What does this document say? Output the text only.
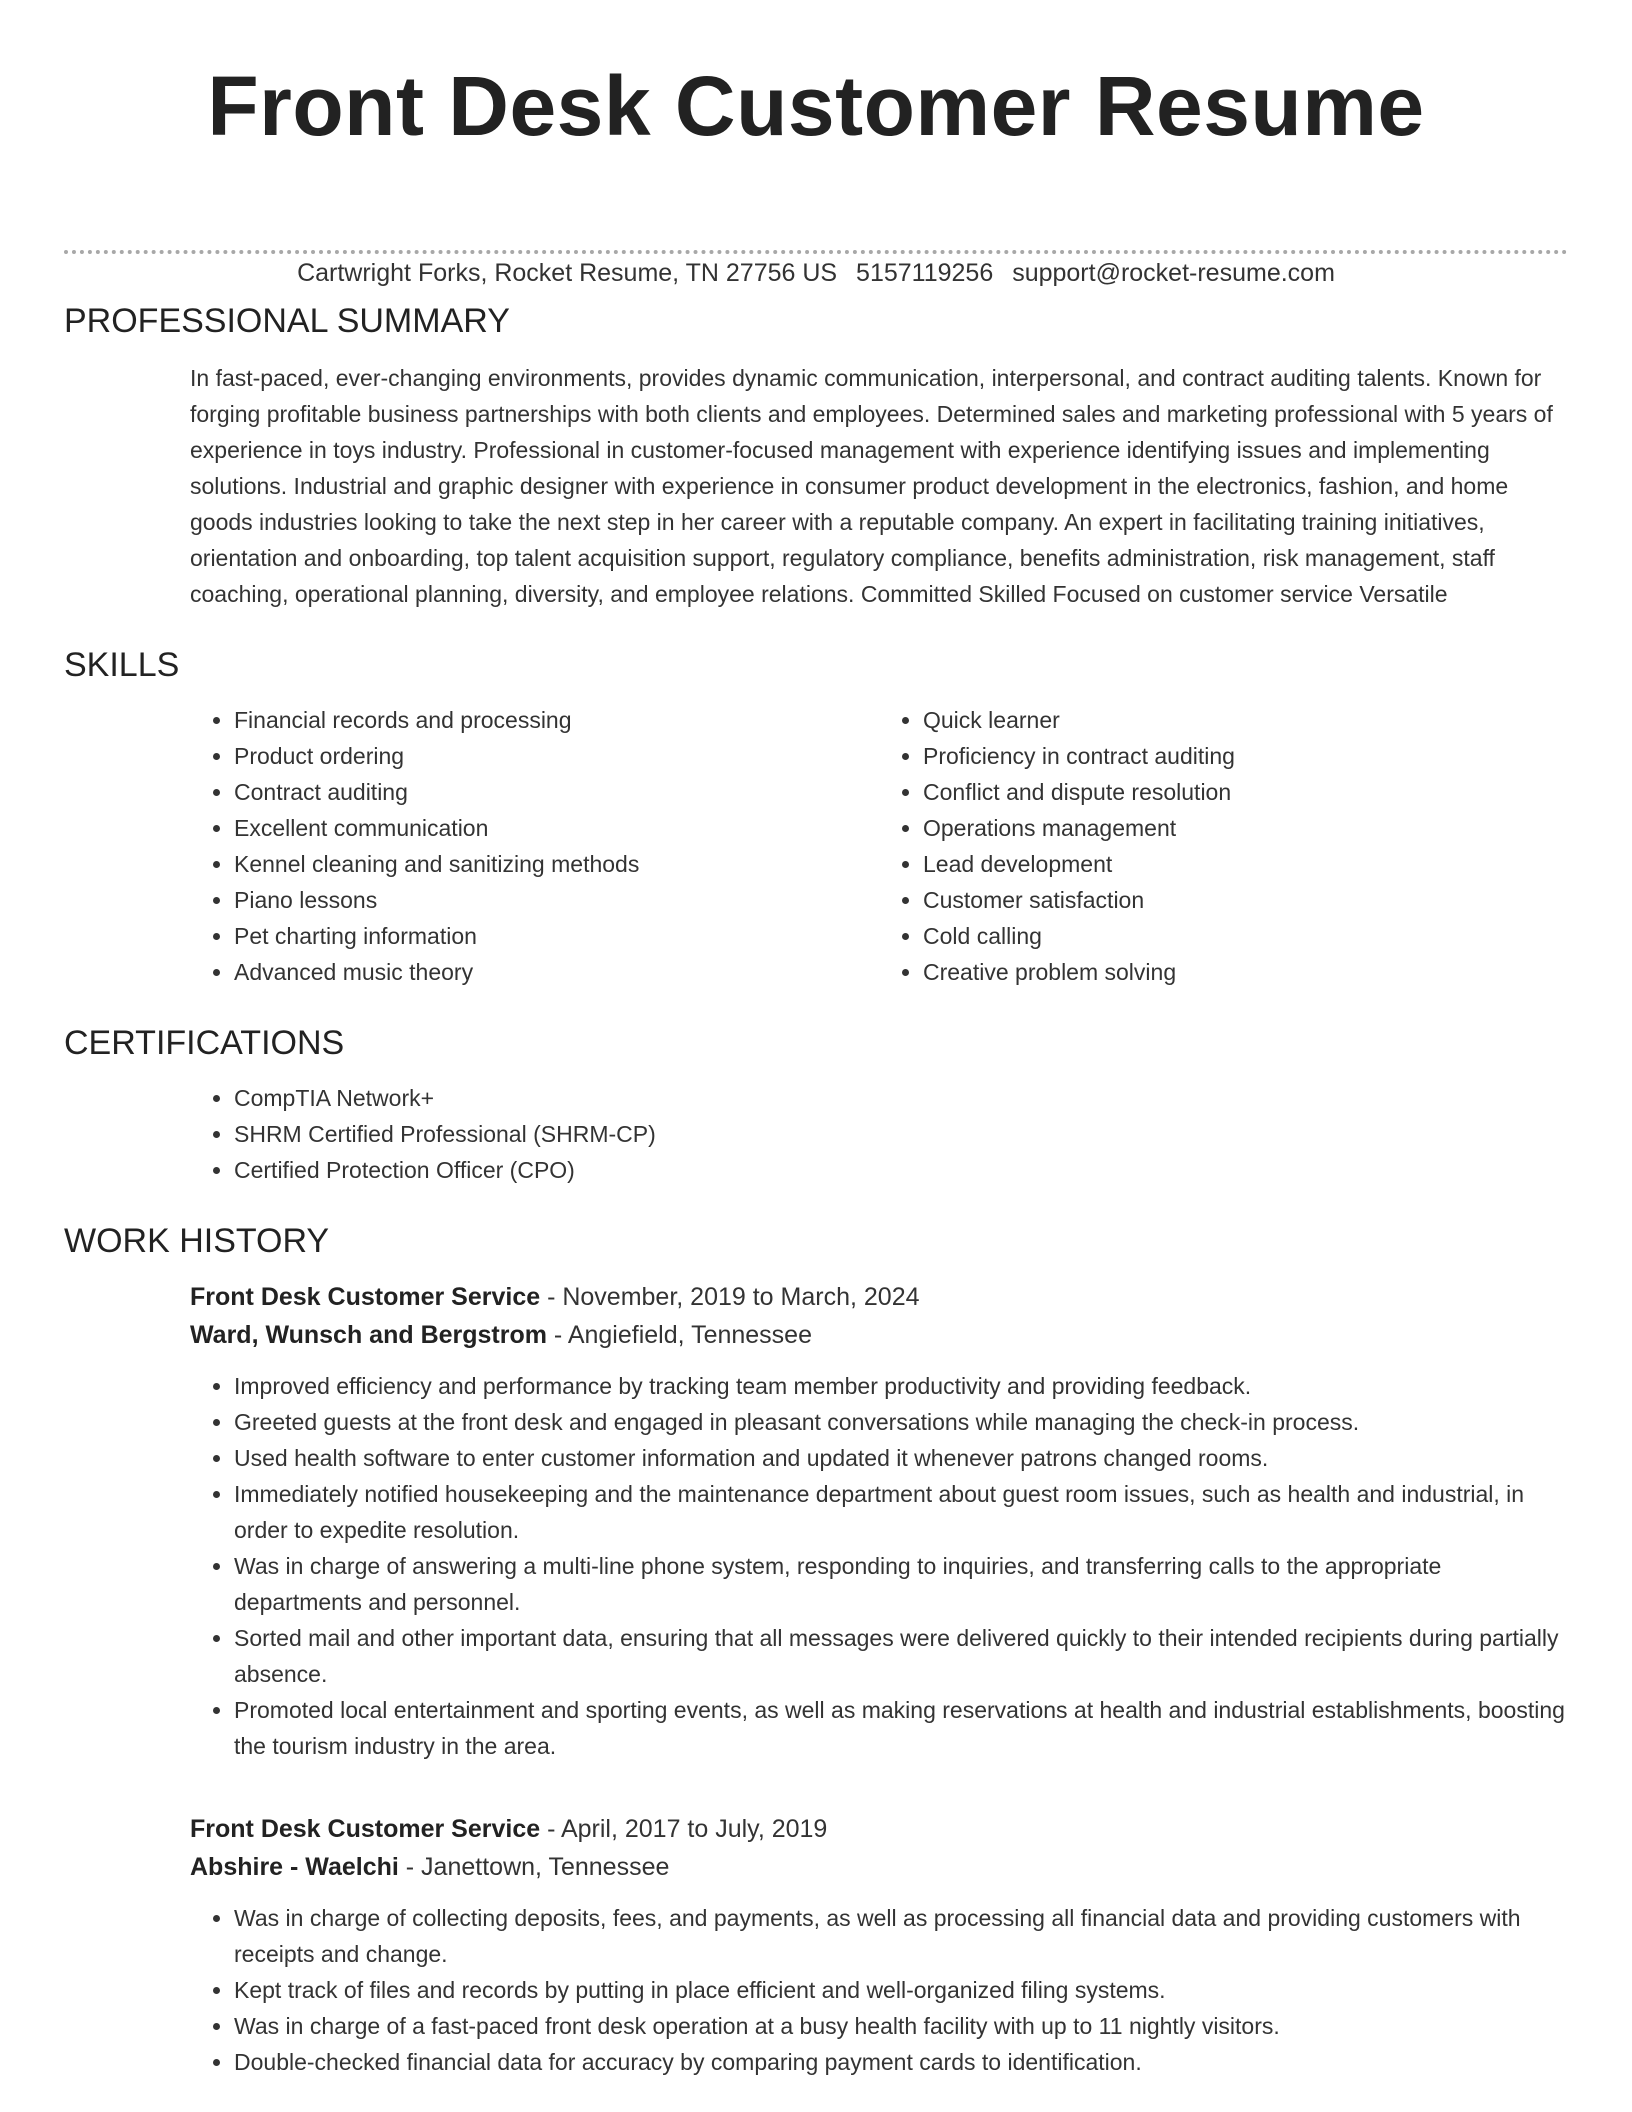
Front Desk Customer Resume
Cartwright Forks, Rocket Resume, TN 27756 US 5157119256 support@rocket-resume.com
PROFESSIONAL SUMMARY

In fast-paced, ever-changing environments, provides dynamic communication, interpersonal, and contract auditing talents. Known for forging profitable business partnerships with both clients and employees. Determined sales and marketing professional with 5 years of experience in toys industry. Professional in customer-focused management with experience identifying issues and implementing solutions. Industrial and graphic designer with experience in consumer product development in the electronics, fashion, and home goods industries looking to take the next step in her career with a reputable company. An expert in facilitating training initiatives, orientation and onboarding, top talent acquisition support, regulatory compliance, benefits administration, risk management, staff coaching, operational planning, diversity, and employee relations. Committed Skilled Focused on customer service Versatile

SKILLS
• Financial records and processing
• Product ordering
• Contract auditing
• Excellent communication
• Kennel cleaning and sanitizing methods
• Piano lessons
• Pet charting information
• Advanced music theory
• Quick learner
• Proficiency in contract auditing
• Conflict and dispute resolution
• Operations management
• Lead development
• Customer satisfaction
• Cold calling
• Creative problem solving
CERTIFICATIONS
• CompTIA Network+
• SHRM Certified Professional (SHRM-CP)
• Certified Protection Officer (CPO)
WORK HISTORY
Front Desk Customer Service - November, 2019 to March, 2024
Ward, Wunsch and Bergstrom - Angiefield, Tennessee
• Improved efficiency and performance by tracking team member productivity and providing feedback.
• Greeted guests at the front desk and engaged in pleasant conversations while managing the check-in process.
• Used health software to enter customer information and updated it whenever patrons changed rooms.
• Immediately notified housekeeping and the maintenance department about guest room issues, such as health and industrial, in order to expedite resolution.
• Was in charge of answering a multi-line phone system, responding to inquiries, and transferring calls to the appropriate departments and personnel.
• Sorted mail and other important data, ensuring that all messages were delivered quickly to their intended recipients during partially absence.
• Promoted local entertainment and sporting events, as well as making reservations at health and industrial establishments, boosting the tourism industry in the area.
Front Desk Customer Service - April, 2017 to July, 2019
Abshire - Waelchi - Janettown, Tennessee
• Was in charge of collecting deposits, fees, and payments, as well as processing all financial data and providing customers with receipts and change.
• Kept track of files and records by putting in place efficient and well-organized filing systems.
• Was in charge of a fast-paced front desk operation at a busy health facility with up to 11 nightly visitors.
• Double-checked financial data for accuracy by comparing payment cards to identification.
